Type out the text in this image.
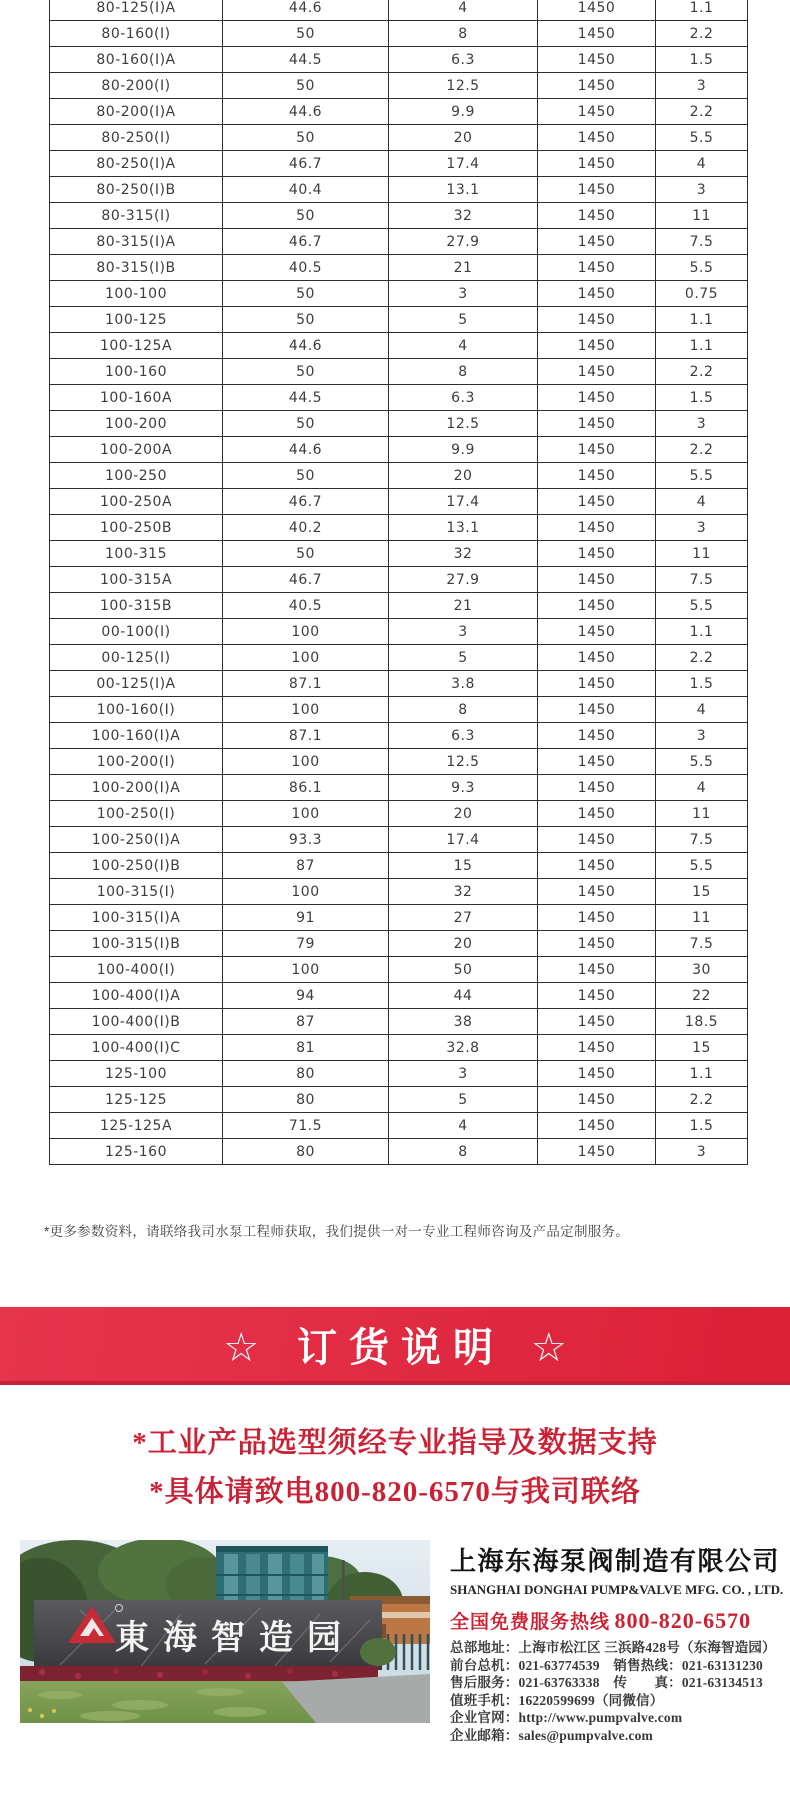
80-125(I)A	44.6	4	1450	1.1
80-160(I)	50	8	1450	2.2
80-160(I)A	44.5	6.3	1450	1.5
80-200(I)	50	12.5	1450	3
80-200(I)A	44.6	9.9	1450	2.2
80-250(I)	50	20	1450	5.5
80-250(I)A	46.7	17.4	1450	4
80-250(I)B	40.4	13.1	1450	3
80-315(I)	50	32	1450	11
80-315(I)A	46.7	27.9	1450	7.5
80-315(I)B	40.5	21	1450	5.5
100-100	50	3	1450	0.75
100-125	50	5	1450	1.1
100-125A	44.6	4	1450	1.1
100-160	50	8	1450	2.2
100-160A	44.5	6.3	1450	1.5
100-200	50	12.5	1450	3
100-200A	44.6	9.9	1450	2.2
100-250	50	20	1450	5.5
100-250A	46.7	17.4	1450	4
100-250B	40.2	13.1	1450	3
100-315	50	32	1450	11
100-315A	46.7	27.9	1450	7.5
100-315B	40.5	21	1450	5.5
00-100(I)	100	3	1450	1.1
00-125(I)	100	5	1450	2.2
00-125(I)A	87.1	3.8	1450	1.5
100-160(I)	100	8	1450	4
100-160(I)A	87.1	6.3	1450	3
100-200(I)	100	12.5	1450	5.5
100-200(I)A	86.1	9.3	1450	4
100-250(I)	100	20	1450	11
100-250(I)A	93.3	17.4	1450	7.5
100-250(I)B	87	15	1450	5.5
100-315(I)	100	32	1450	15
100-315(I)A	91	27	1450	11
100-315(I)B	79	20	1450	7.5
100-400(I)	100	50	1450	30
100-400(I)A	94	44	1450	22
100-400(I)B	87	38	1450	18.5
100-400(I)C	81	32.8	1450	15
125-100	80	3	1450	1.1
125-125	80	5	1450	2.2
125-125A	71.5	4	1450	1.5
125-160	80	8	1450	3
*更多参数资料，请联络我司水泵工程师获取，我们提供一对一专业工程师咨询及产品定制服务。
☆ 订货说明 ☆
*工业产品选型须经专业指导及数据支持
*具体请致电800-820-6570与我司联络
東海智造园
上海东海泵阀制造有限公司
SHANGHAI DONGHAI PUMP&VALVE MFG. CO. , LTD.
全国免费服务热线 800-820-6570
总部地址：上海市松江区 三浜路428号（东海智造园）
前台总机：021-63774539　销售热线：021-63131230
售后服务：021-63763338　传　　真：021-63134513
值班手机：16220599699（同微信）
企业官网：http://www.pumpvalve.com
企业邮箱：sales@pumpvalve.com
